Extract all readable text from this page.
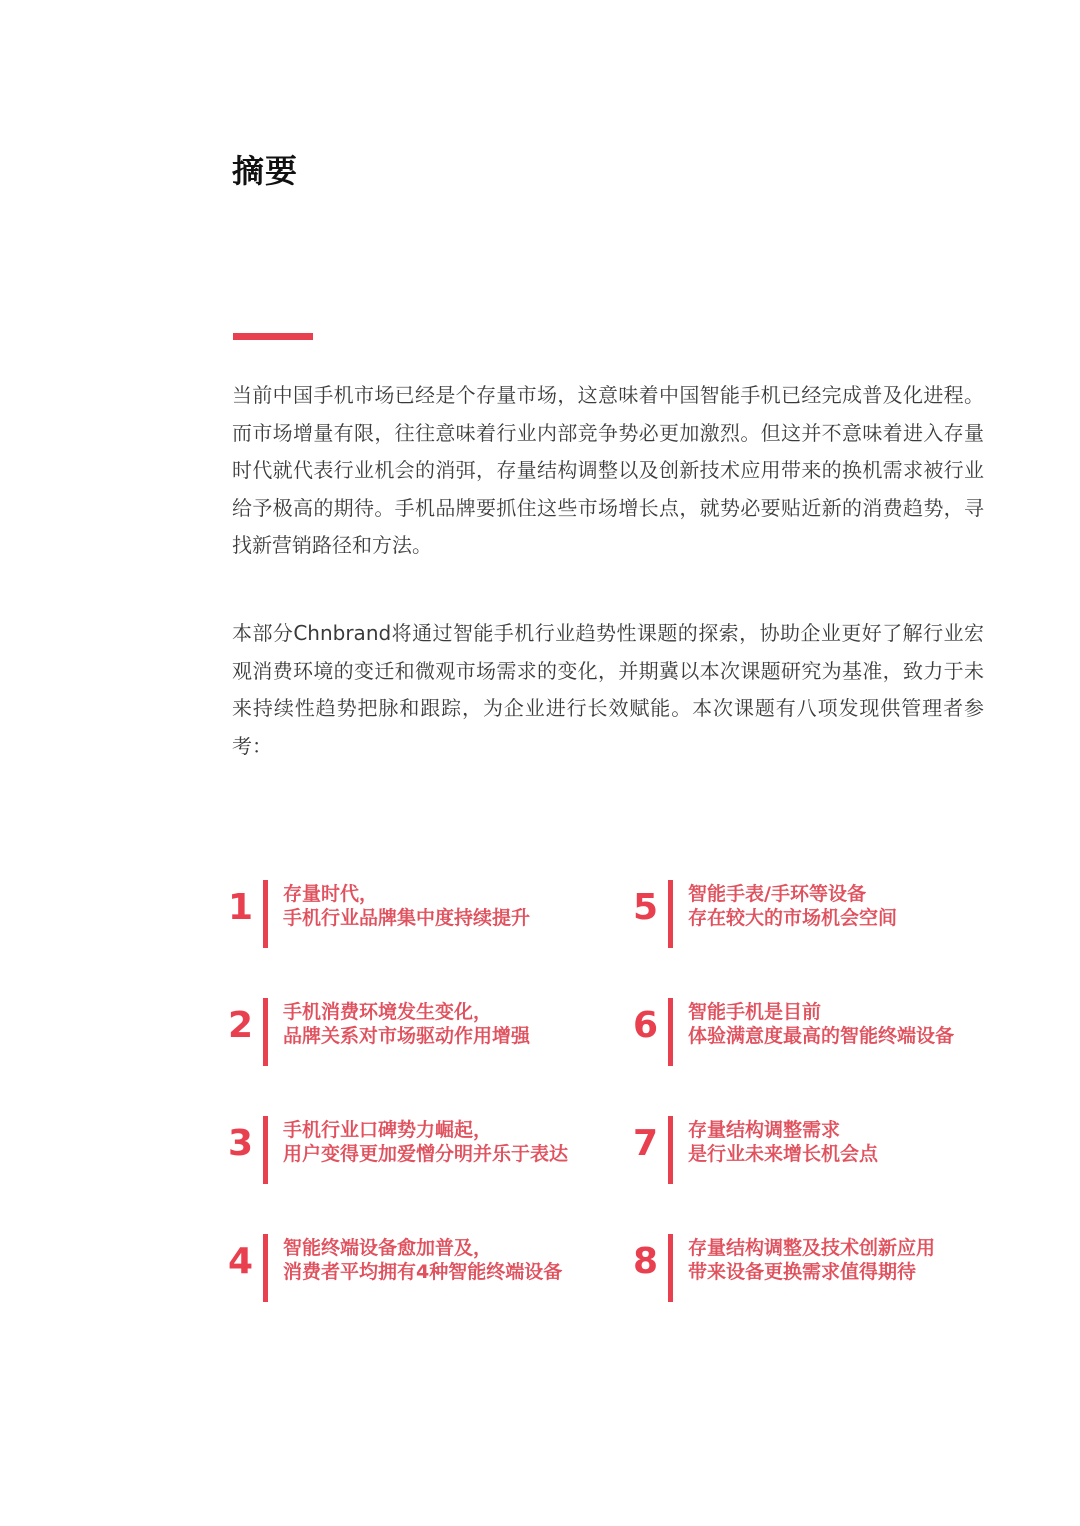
摘要

当前中国手机市场已经是个存量市场，这意味着中国智能手机已经完成普及化进程。而市场增量有限，往往意味着行业内部竞争势必更加激烈。但这并不意味着进入存量时代就代表行业机会的消弭，存量结构调整以及创新技术应用带来的换机需求被行业给予极高的期待。手机品牌要抓住这些市场增长点，就势必要贴近新的消费趋势，寻找新营销路径和方法。

本部分Chnbrand将通过智能手机行业趋势性课题的探索，协助企业更好了解行业宏观消费环境的变迁和微观市场需求的变化，并期冀以本次课题研究为基准，致力于未来持续性趋势把脉和跟踪，为企业进行长效赋能。本次课题有八项发现供管理者参考：

1 存量时代，
手机行业品牌集中度持续提升	5 智能手表/手环等设备
存在较大的市场机会空间
2 手机消费环境发生变化，
品牌关系对市场驱动作用增强	6 智能手机是目前
体验满意度最高的智能终端设备
3 手机行业口碑势力崛起，
用户变得更加爱憎分明并乐于表达 7 存量结构调整需求
是行业未来增长机会点
4 智能终端设备愈加普及，
消费者平均拥有4种智能终端设备 8 存量结构调整及技术创新应用
带来设备更换需求值得期待
